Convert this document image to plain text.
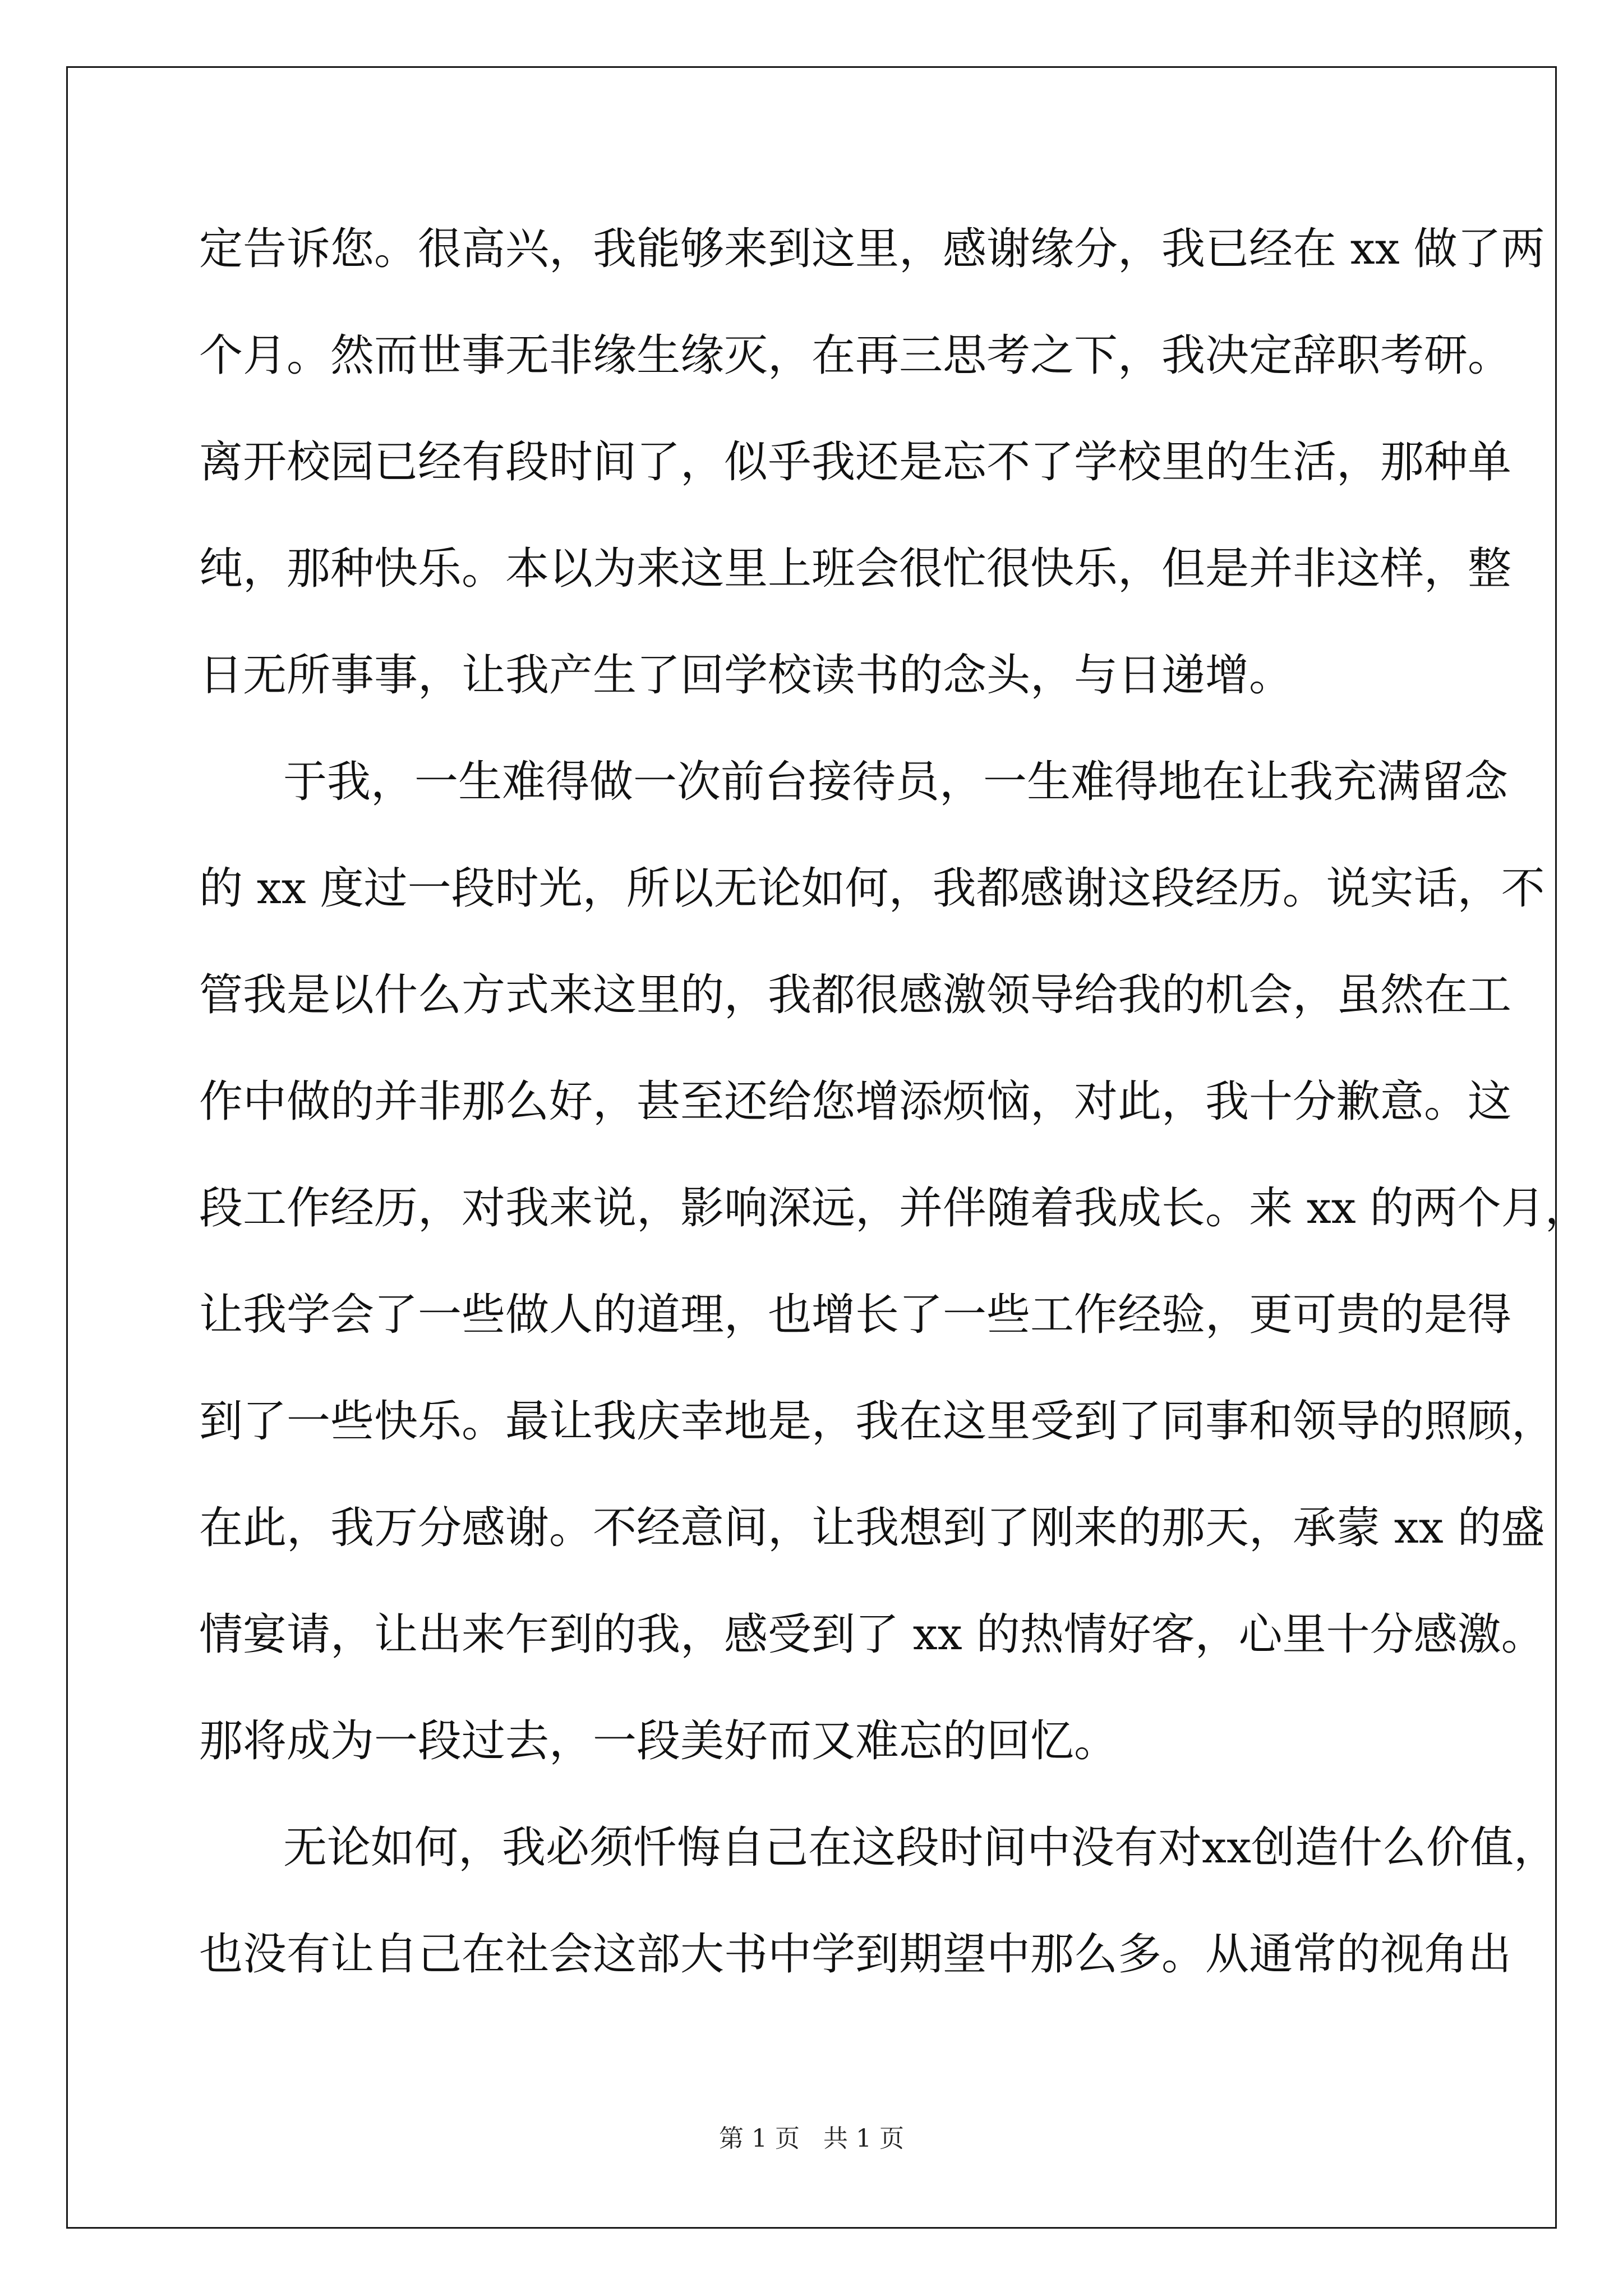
定告诉您。很高兴，我能够来到这里，感谢缘分，我已经在 xx 做了两
个月。然而世事无非缘生缘灭，在再三思考之下，我决定辞职考研。
离开校园已经有段时间了，似乎我还是忘不了学校里的生活，那种单
纯，那种快乐。本以为来这里上班会很忙很快乐，但是并非这样，整
日无所事事，让我产生了回学校读书的念头，与日递增。
于我，一生难得做一次前台接待员，一生难得地在让我充满留念
的 xx 度过一段时光，所以无论如何，我都感谢这段经历。说实话，不
管我是以什么方式来这里的，我都很感激领导给我的机会，虽然在工
作中做的并非那么好，甚至还给您增添烦恼，对此，我十分歉意。这
段工作经历，对我来说，影响深远，并伴随着我成长。来 xx 的两个月，
让我学会了一些做人的道理，也增长了一些工作经验，更可贵的是得
到了一些快乐。最让我庆幸地是，我在这里受到了同事和领导的照顾，
在此，我万分感谢。不经意间，让我想到了刚来的那天，承蒙 xx 的盛
情宴请，让出来乍到的我，感受到了 xx 的热情好客，心里十分感激。
那将成为一段过去，一段美好而又难忘的回忆。
无论如何，我必须忏悔自己在这段时间中没有对xx创造什么价值，
也没有让自己在社会这部大书中学到期望中那么多。从通常的视角出
第 1 页   共 1 页
